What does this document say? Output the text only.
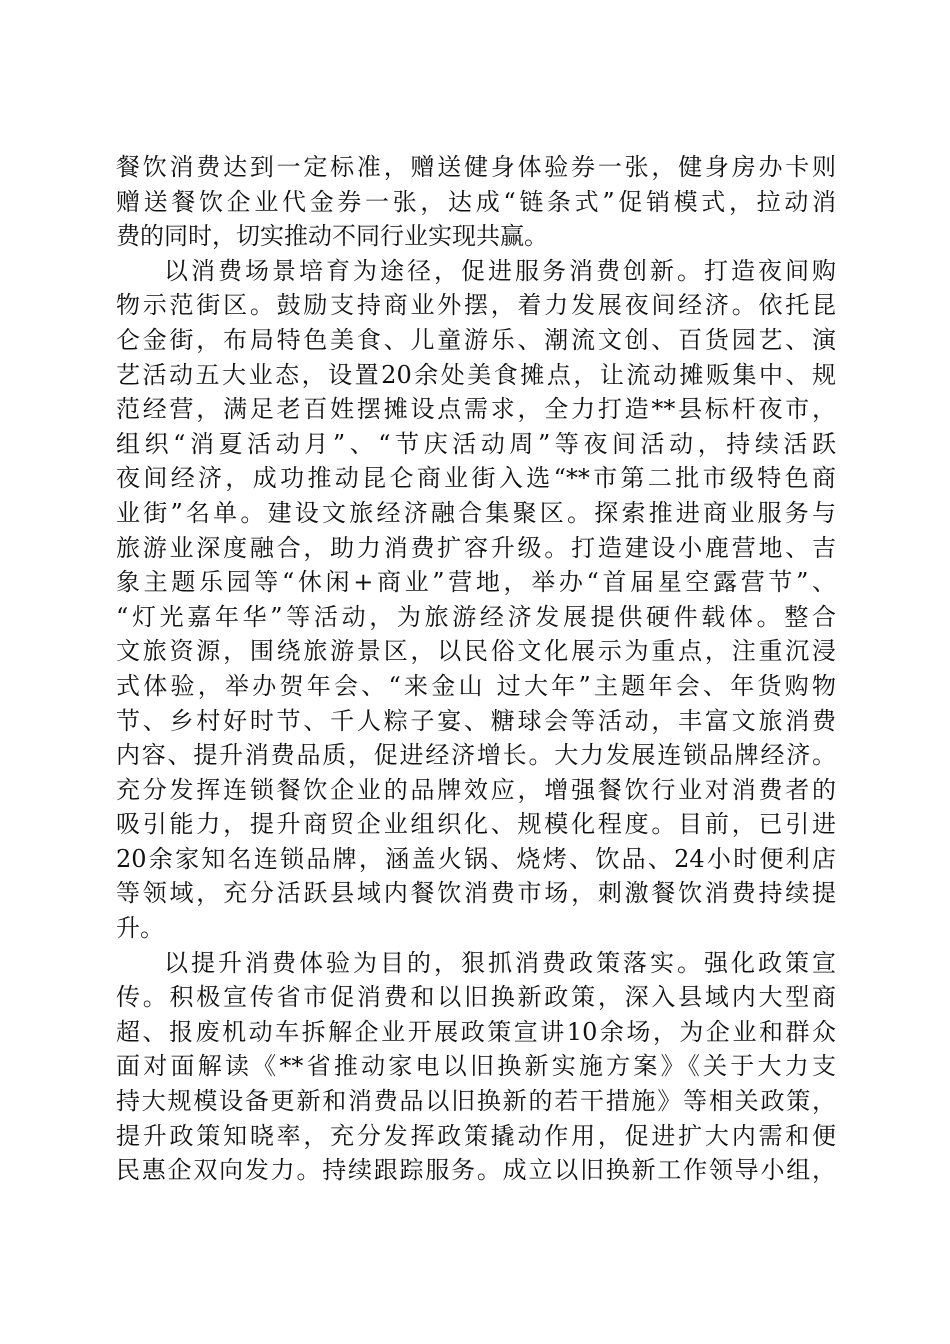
餐饮消费达到一定标准，赠送健身体验券一张，健身房办卡则
赠送餐饮企业代金券一张，达成“链条式”促销模式，拉动消
费的同时，切实推动不同行业实现共赢。
以消费场景培育为途径，促进服务消费创新。打造夜间购
物示范街区。鼓励支持商业外摆，着力发展夜间经济。依托昆
仑金街，布局特色美食、儿童游乐、潮流文创、百货园艺、演
艺活动五大业态，设置20余处美食摊点，让流动摊贩集中、规
范经营，满足老百姓摆摊设点需求，全力打造**县标杆夜市，
组织“消夏活动月”、“节庆活动周”等夜间活动，持续活跃
夜间经济，成功推动昆仑商业街入选“**市第二批市级特色商
业街”名单。建设文旅经济融合集聚区。探索推进商业服务与
旅游业深度融合，助力消费扩容升级。打造建设小鹿营地、吉
象主题乐园等“休闲+商业”营地，举办“首届星空露营节”、
“灯光嘉年华”等活动，为旅游经济发展提供硬件载体。整合
文旅资源，围绕旅游景区，以民俗文化展示为重点，注重沉浸
式体验，举办贺年会、“来金山 过大年”主题年会、年货购物
节、乡村好时节、千人粽子宴、糖球会等活动，丰富文旅消费
内容、提升消费品质，促进经济增长。大力发展连锁品牌经济。
充分发挥连锁餐饮企业的品牌效应，增强餐饮行业对消费者的
吸引能力，提升商贸企业组织化、规模化程度。目前，已引进
20余家知名连锁品牌，涵盖火锅、烧烤、饮品、24小时便利店
等领域，充分活跃县域内餐饮消费市场，刺激餐饮消费持续提
升。
以提升消费体验为目的，狠抓消费政策落实。强化政策宣
传。积极宣传省市促消费和以旧换新政策，深入县域内大型商
超、报废机动车拆解企业开展政策宣讲10余场，为企业和群众
面对面解读《**省推动家电以旧换新实施方案》《关于大力支
持大规模设备更新和消费品以旧换新的若干措施》等相关政策，
提升政策知晓率，充分发挥政策撬动作用，促进扩大内需和便
民惠企双向发力。持续跟踪服务。成立以旧换新工作领导小组，
